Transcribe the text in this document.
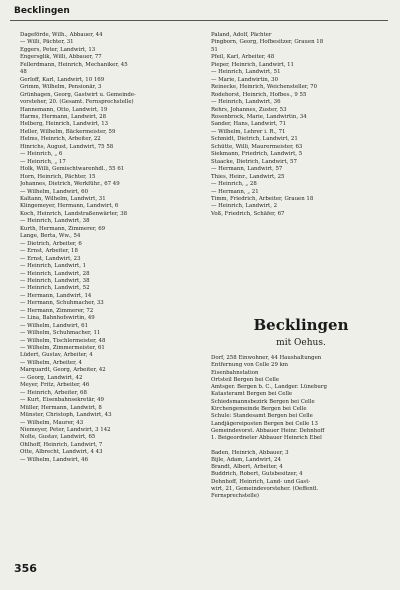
Becklingen
Dageförde, Wilh., Abbauer, 44
— Willi, Pächter, 31
Eggers, Peter, Landwirt, 13
Engersglik, Willi, Abbauer, 77
Fellerdmann, Heinrich, Mechaniker, 45
48
Gerloff, Karl, Landwirt, 10 169
Grimm, Wilhelm, Pensionär, 3
Grünhagen, Georg, Gastwirt u. Gemeinde-
vorsteher, 20. (Gesamt. Fernsprechstelle)
Hannemann, Otto, Landwirt, 19
Harms, Hermann, Landwirt, 28
Helberg, Heinrich, Landwirt, 13
Heller, Wilhelm, Bäckermeister, 59
Helms, Heinrich, Arbeiter, 22
Hinrichs, August, Landwirt, 75 58
— Heinrich, „ 6
— Heinrich, „ 17
Holk, Willi, Gemischtwarenhdl., 55 61
Horn, Heinrich, Pächter, 15
Johannes, Dietrich, Werkführ., 67 49
— Wilhelm, Landwirt, 60
Kaltann, Wilhelm, Landwirt, 31
Klingemeyer, Hermann, Landwirt, 6
Koch, Heinrich, Landstraßenwärter, 38
— Heinrich, Landwirt, 38
Kurth, Hermann, Zimmerer, 69
Lange, Berta, Ww., 54
— Dietrich, Arbeiter, 6
— Ernst, Arbeiter, 18
— Ernst, Landwirt, 23
— Heinrich, Landwirt, 1
— Heinrich, Landwirt, 28
— Heinrich, Landwirt, 38
— Heinrich, Landwirt, 52
— Hermann, Landwirt, 14
— Hermann, Schuhmacher, 33
— Hermann, Zimmerer, 72
— Lina, Bahnhofswirtin, 49
— Wilhelm, Landwirt, 61
— Wilhelm, Schuhmacher, 11
— Wilhelm, Tischlermeister, 48
— Wilhelm, Zimmermeister, 61
Lüdert, Gustav, Arbeiter, 4
— Wilhelm, Arbeiter, 4
Marquardt, Georg, Arbeiter, 42
— Georg, Landwirt, 42
Meyer, Fritz, Arbeiter, 46
— Heinrich, Arbeiter, 68
— Kurt, Eisenbahnsekretär, 49
Müller, Hermann, Landwirt, 8
Münster, Christoph, Landwirt, 43
— Wilhelm, Maurer, 43
Niemeyer, Peter, Landwirt, 3 142
Nolte, Gustav, Landwirt, 65
Ohlhoff, Heinrich, Landwirt, 7
Otte, Albrecht, Landwirt, 4 43
— Wilhelm, Landwirt, 46
Paland, Adolf, Pächter
Pingborn, Georg, Hofbesitzer, Grauen 18
51
Pfeil, Karl, Arbeiter, 48
Pieper, Heinrich, Landwirt, 11
— Heinrich, Landwirt, 51
— Marie, Landwirtin, 30
Reinecke, Heinrich, Weichensteller, 70
Rodehorst, Heinrich, Hofbes., 9 55
— Heinrich, Landwirt, 36
Rehrs, Johannes, Zuster, 53
Rosenbrock, Marie, Landwirtin, 34
Sander, Hans, Landwirt, 71
— Wilhelm, Lehrer i. R., 71
Schmidt, Dietrich, Landwirt, 21
Schütte, Willi, Maurermeister, 63
Siekmann, Friedrich, Landwirt, 5
Staacke, Dietrich, Landwirt, 57
— Hermann, Landwirt, 57
Thies, Heinr., Landwirt, 25
— Heinrich, „ 28
— Hermann, „ 21
Timm, Friedrich, Arbeiter, Grauen 18
— Heinrich, Landwirt, 2
Voß, Friedrich, Schäfer, 67
Becklingen
mit Oehus.
Dorf, 258 Einwohner, 44 Haushaltungen
Entfernung von Celle 29 km
Eisenbahnstation
Ortsteil Bergen bei Celle
Amtsger. Bergen b. C., Landger. Lüneburg
Katasteramt Bergen bei Celle
Schiedsmannsbezirk Bergen bei Celle
Kirchengemeinde Bergen bei Celle
Schule: Standesamt Bergen bei Celle
Landjägereiposten Bergen bei Celle 13
Gemeindevorst. Abbauer Heinr. Dehnhoff
1. Beigeordneter Abbauer Heinrich Ebel
Baden, Heinrich, Abbauer, 3
Bijle, Adam, Landwirt, 24
Brandt, Albert, Arbeiter, 4
Buddrich, Robert, Gutsbesitzer, 4
Dehnhoff, Heinrich, Land- und Gast-
wirt, 21, Gemeindevorsteher. (Oeffentl.
Fernsprechstelle)
356
